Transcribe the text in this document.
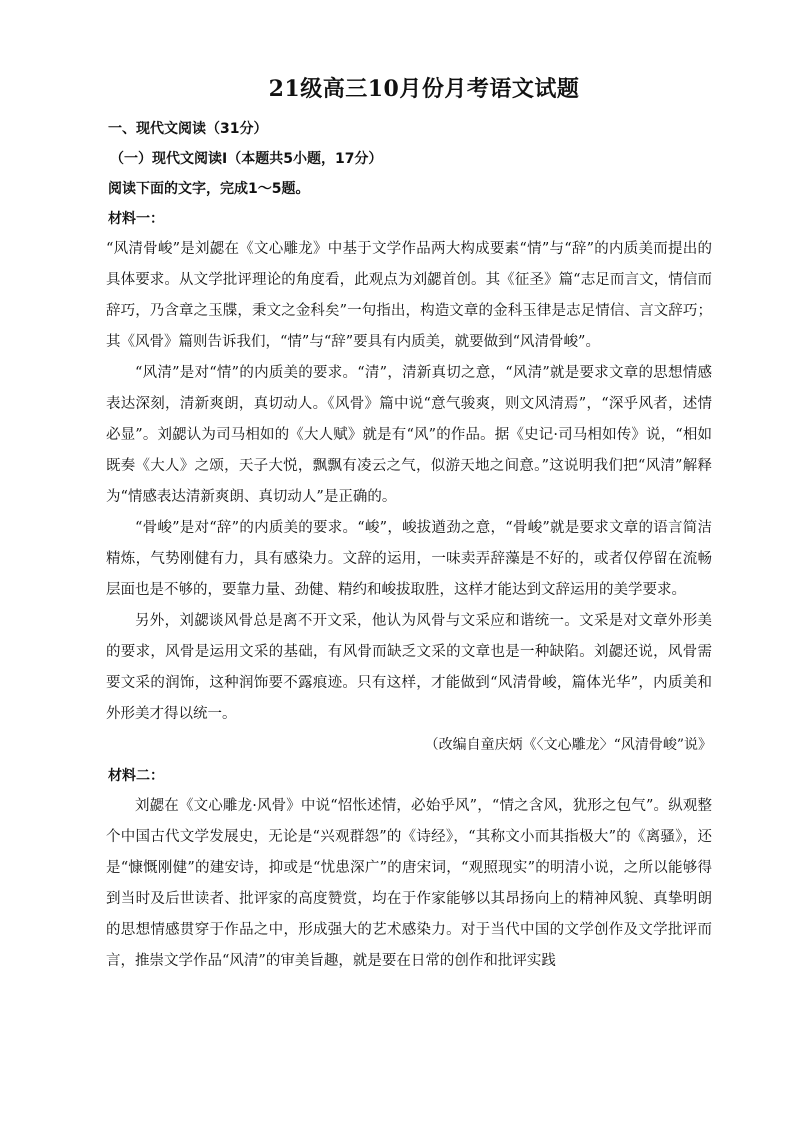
21级高三10月份月考语文试题
一、现代文阅读（31分）
（一）现代文阅读Ⅰ（本题共5小题，17分）
阅读下面的文字，完成1～5题。
材料一：

“风清骨峻”是刘勰在《文心雕龙》中基于文学作品两大构成要素“情”与“辞”的内质美而提出的具体要求。从文学批评理论的角度看，此观点为刘勰首创。其《征圣》篇“志足而言文，情信而辞巧，乃含章之玉牒，秉文之金科矣”一句指出，构造文章的金科玉律是志足情信、言文辞巧；其《风骨》篇则告诉我们，“情”与“辞”要具有内质美，就要做到“风清骨峻”。

“风清”是对“情”的内质美的要求。“清”，清新真切之意，“风清”就是要求文章的思想情感表达深刻，清新爽朗，真切动人。《风骨》篇中说“意气骏爽，则文风清焉”，“深乎风者，述情必显”。刘勰认为司马相如的《大人赋》就是有“风”的作品。据《史记·司马相如传》说，“相如既奏《大人》之颂，天子大悦，飘飘有凌云之气，似游天地之间意。”这说明我们把“风清”解释为“情感表达清新爽朗、真切动人”是正确的。

“骨峻”是对“辞”的内质美的要求。“峻”，峻拔遒劲之意，“骨峻”就是要求文章的语言简洁精炼，气势刚健有力，具有感染力。文辞的运用，一味卖弄辞藻是不好的，或者仅停留在流畅层面也是不够的，要靠力量、劲健、精约和峻拔取胜，这样才能达到文辞运用的美学要求。

另外，刘勰谈风骨总是离不开文采，他认为风骨与文采应和谐统一。文采是对文章外形美的要求，风骨是运用文采的基础，有风骨而缺乏文采的文章也是一种缺陷。刘勰还说，风骨需要文采的润饰，这种润饰要不露痕迹。只有这样，才能做到“风清骨峻，篇体光华”，内质美和外形美才得以统一。

（改编自童庆炳《〈文心雕龙〉“风清骨峻”说》
材料二：

刘勰在《文心雕龙·风骨》中说“怊怅述情，必始乎风”，“情之含风，犹形之包气”。纵观整个中国古代文学发展史，无论是“兴观群怨”的《诗经》，“其称文小而其指极大”的《离骚》，还是“慷慨刚健”的建安诗，抑或是“忧患深广”的唐宋词，“观照现实”的明清小说，之所以能够得到当时及后世读者、批评家的高度赞赏，均在于作家能够以其昂扬向上的精神风貌、真挚明朗的思想情感贯穿于作品之中，形成强大的艺术感染力。对于当代中国的文学创作及文学批评而言，推崇文学作品“风清”的审美旨趣，就是要在日常的创作和批评实践
